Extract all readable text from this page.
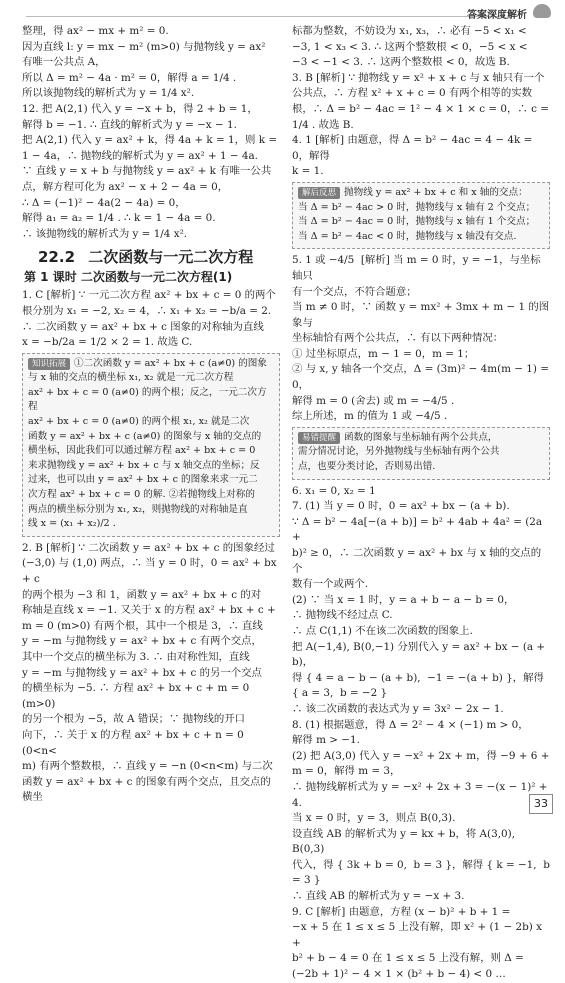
答案深度解析

整理，得 ax² − mx + m² = 0.

因为直线 l: y = mx − m² (m>0) 与抛物线 y = ax²

有唯一公共点 A，

所以 Δ = m² − 4a · m² = 0，解得 a = 1/4 .

所以该抛物线的解析式为 y = 1/4 x².

12. 把 A(2,1) 代入 y = −x + b，得 2 + b = 1，

解得 b = −1. ∴ 直线的解析式为 y = −x − 1.

把 A(2,1) 代入 y = ax² + k，得 4a + k = 1，则 k =

1 − 4a，∴ 抛物线的解析式为 y = ax² + 1 − 4a.

∵ 直线 y = x + b 与抛物线 y = ax² + k 有唯一公共

点，解方程可化为 ax² − x + 2 − 4a = 0，

∴ Δ = (−1)² − 4a(2 − 4a) = 0，

解得 a₁ = a₂ = 1/4 . ∴ k = 1 − 4a = 0.

∴ 该抛物线的解析式为 y = 1/4 x².

22.2 二次函数与一元二次方程
第 1 课时 二次函数与一元二次方程(1)

1. C [解析] ∵ 一元二次方程 ax² + bx + c = 0 的两个

根分别为 x₁ = −2, x₂ = 4，∴ x₁ + x₂ = −b/a = 2.

∴ 二次函数 y = ax² + bx + c 图象的对称轴为直线

x = −b/2a = 1/2 × 2 = 1. 故选 C.

知识拓展 ①二次函数 y = ax² + bx + c (a≠0) 的图象

与 x 轴的交点的横坐标 x₁, x₂ 就是一元二次方程

ax² + bx + c = 0 (a≠0) 的两个根；反之，一元二次方程

ax² + bx + c = 0 (a≠0) 的两个根 x₁, x₂ 就是二次

函数 y = ax² + bx + c (a≠0) 的图象与 x 轴的交点的

横坐标，因此我们可以通过解方程 ax² + bx + c = 0

来求抛物线 y = ax² + bx + c 与 x 轴交点的坐标；反

过来，也可以由 y = ax² + bx + c 的图象来求一元二

次方程 ax² + bx + c = 0 的解. ②若抛物线上对称的

两点的横坐标分别为 x₁, x₂，则抛物线的对称轴是直

线 x = (x₁ + x₂)/2 .

2. B [解析] ∵ 二次函数 y = ax² + bx + c 的图象经过

(−3,0) 与 (1,0) 两点，∴ 当 y = 0 时，0 = ax² + bx + c

的两个根为 −3 和 1，函数 y = ax² + bx + c 的对

称轴是直线 x = −1. 又关于 x 的方程 ax² + bx + c +

m = 0 (m>0) 有两个根，其中一个根是 3，∴ 直线

y = −m 与抛物线 y = ax² + bx + c 有两个交点，

其中一个交点的横坐标为 3. ∴ 由对称性知，直线

y = −m 与抛物线 y = ax² + bx + c 的另一个交点

的横坐标为 −5. ∴ 方程 ax² + bx + c + m = 0 (m>0)

的另一个根为 −5，故 A 错误；∵ 抛物线的开口

向下，∴ 关于 x 的方程 ax² + bx + c + n = 0 (0<n<

m) 有两个整数根，∴ 直线 y = −n (0<n<m) 与二次

函数 y = ax² + bx + c 的图象有两个交点，且交点的横坐

标都为整数，不妨设为 x₁, x₃，∴ 必有 −5 < x₁ <

−3, 1 < x₃ < 3. ∴ 这两个整数根 < 0，−5 < x <

−3 < −1 < 3. ∴ 这两个整数根 < 0，故选 B.

3. B [解析] ∵ 抛物线 y = x² + x + c 与 x 轴只有一个

公共点，∴ 方程 x² + x + c = 0 有两个相等的实数

根，∴ Δ = b² − 4ac = 1² − 4 × 1 × c = 0，∴ c = 1/4 . 故选 B.

4. 1 [解析] 由题意，得 Δ = b² − 4ac = 4 − 4k = 0，解得

k = 1.

解后反思 抛物线 y = ax² + bx + c 和 x 轴的交点：

当 Δ = b² − 4ac > 0 时，抛物线与 x 轴有 2 个交点；

当 Δ = b² − 4ac = 0 时，抛物线与 x 轴有 1 个交点；

当 Δ = b² − 4ac < 0 时，抛物线与 x 轴没有交点.

5. 1 或 −4/5  [解析] 当 m = 0 时，y = −1，与坐标轴只

有一个交点，不符合题意；

当 m ≠ 0 时，∵ 函数 y = mx² + 3mx + m − 1 的图象与

坐标轴恰有两个公共点，∴ 有以下两种情况：

① 过坐标原点，m − 1 = 0，m = 1；

② 与 x, y 轴各一个交点，Δ = (3m)² − 4m(m − 1) = 0，

解得 m = 0 (舍去) 或 m = −4/5 .

综上所述，m 的值为 1 或 −4/5 .

易错提醒 函数的图象与坐标轴有两个公共点，

需分情况讨论，另外抛物线与坐标轴有两个公共

点，也要分类讨论，否则易出错.

6. x₁ = 0, x₂ = 1

7. (1) 当 y = 0 时，0 = ax² + bx − (a + b).

∵ Δ = b² − 4a[−(a + b)] = b² + 4ab + 4a² = (2a +

b)² ≥ 0，∴ 二次函数 y = ax² + bx 与 x 轴的交点的个

数有一个或两个.

(2) ∵ 当 x = 1 时，y = a + b − a − b = 0，

∴ 抛物线不经过点 C.

∴ 点 C(1,1) 不在该二次函数的图象上.

把 A(−1,4), B(0,−1) 分别代入 y = ax² + bx − (a + b)，

得 { 4 = a − b − (a + b),  −1 = −(a + b) }，解得 { a = 3,  b = −2 }

∴ 该二次函数的表达式为 y = 3x² − 2x − 1.

8. (1) 根据题意，得 Δ = 2² − 4 × (−1) m > 0，

解得 m > −1.

(2) 把 A(3,0) 代入 y = −x² + 2x + m，得 −9 + 6 +

m = 0，解得 m = 3，

∴ 抛物线解析式为 y = −x² + 2x + 3 = −(x − 1)² + 4.

当 x = 0 时，y = 3，则点 B(0,3).

设直线 AB 的解析式为 y = kx + b，将 A(3,0), B(0,3)

代入，得 { 3k + b = 0,  b = 3 }，解得 { k = −1,  b = 3 }

∴ 直线 AB 的解析式为 y = −x + 3.

9. C [解析] 由题意，方程 (x − b)² + b + 1 =

−x + 5 在 1 ≤ x ≤ 5 上没有解，即 x² + (1 − 2b) x +

b² + b − 4 = 0 在 1 ≤ x ≤ 5 上没有解，则 Δ =

(−2b + 1)² − 4 × 1 × (b² + b − 4) < 0 …

33
